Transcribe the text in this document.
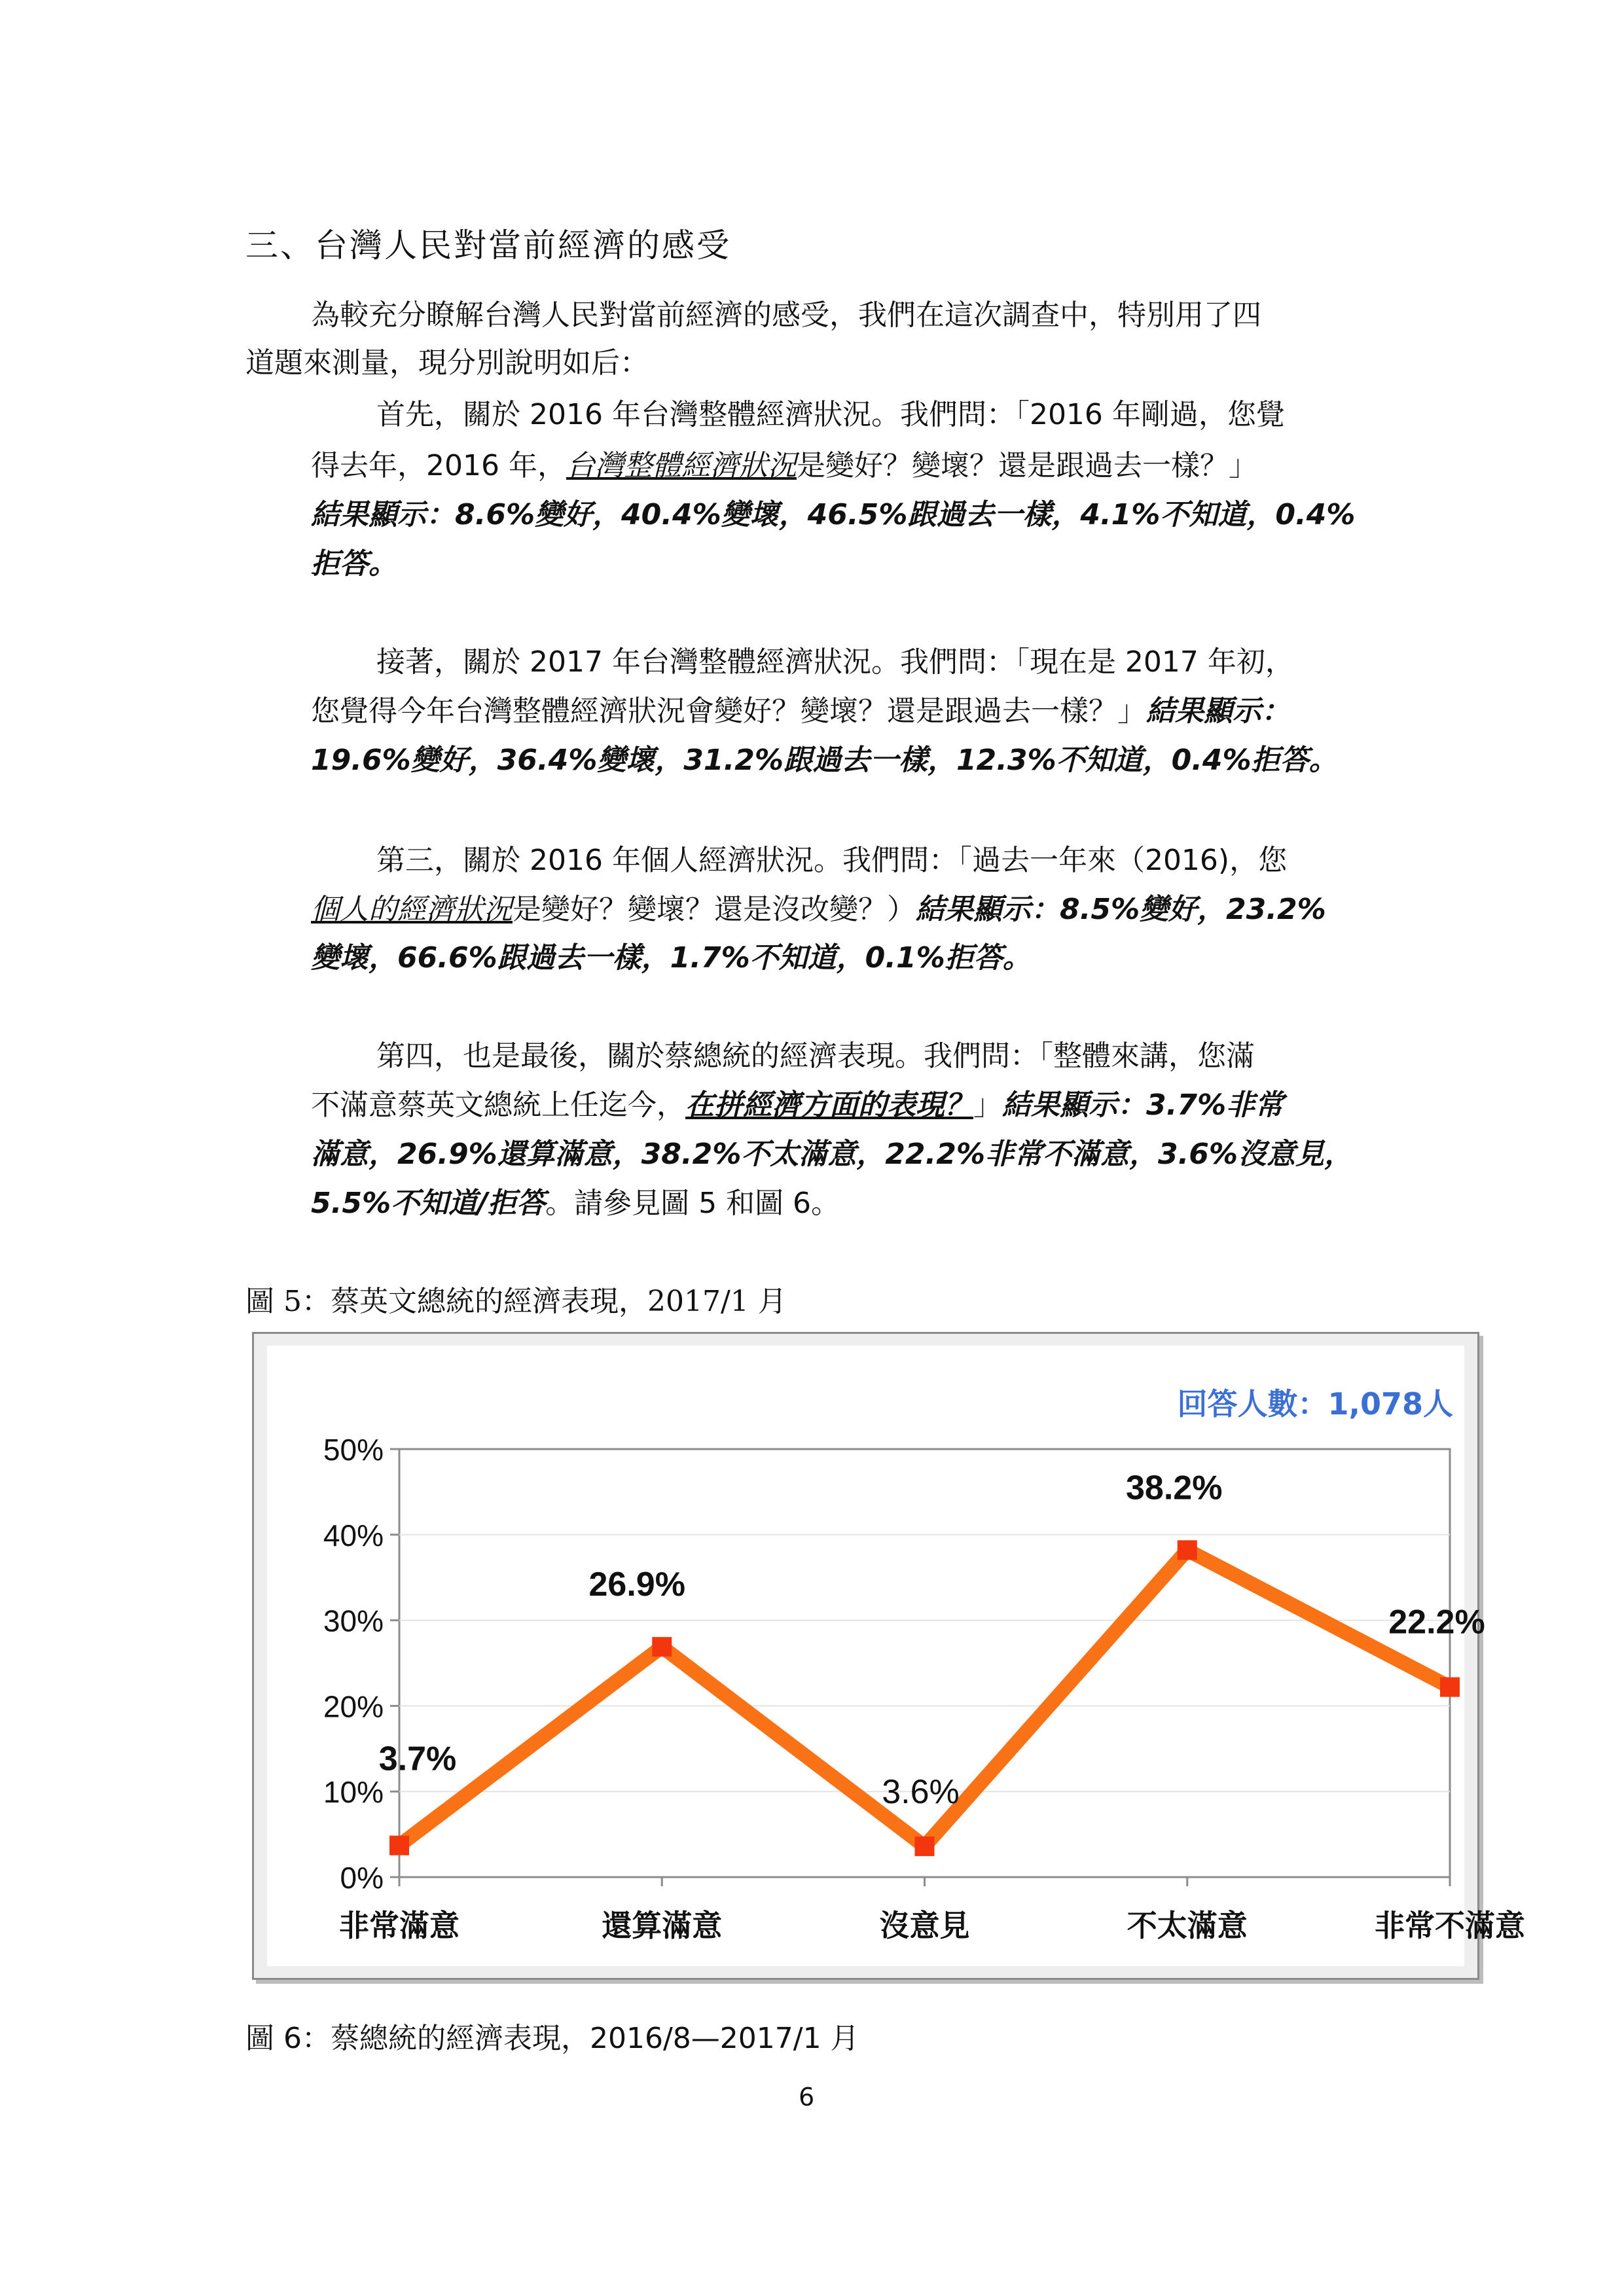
三、台灣人民對當前經濟的感受
為較充分瞭解台灣人民對當前經濟的感受，我們在這次調查中，特別用了四
道題來測量，現分別說明如后：
首先，關於 2016 年台灣整體經濟狀況。我們問：「2016 年剛過，您覺
得去年，2016 年，台灣整體經濟狀況是變好？變壞？還是跟過去一樣？」
結果顯示：8.6%變好，40.4%變壞，46.5%跟過去一樣，4.1%不知道，0.4%
拒答。
接著，關於 2017 年台灣整體經濟狀況。我們問：「現在是 2017 年初，
您覺得今年台灣整體經濟狀況會變好？變壞？還是跟過去一樣？」結果顯示：
19.6%變好，36.4%變壞，31.2%跟過去一樣，12.3%不知道，0.4%拒答。
第三，關於 2016 年個人經濟狀況。我們問：「過去一年來（2016)，您
個人的經濟狀況是變好？變壞？還是沒改變？）結果顯示：8.5%變好，23.2%
變壞，66.6%跟過去一樣，1.7%不知道，0.1%拒答。
第四，也是最後，關於蔡總統的經濟表現。我們問：「整體來講，您滿
不滿意蔡英文總統上任迄今，在拼經濟方面的表現？」結果顯示：3.7%非常
滿意，26.9%還算滿意，38.2%不太滿意，22.2%非常不滿意，3.6%沒意見，
5.5%不知道/拒答。請參見圖 5 和圖 6。
圖 5：蔡英文總統的經濟表現，2017/1 月
0%
10%
20%
30%
40%
50%
非常滿意	還算滿意	沒意見	不太滿意	非常不滿意
3.7%
26.9%
3.6%
38.2%
22.2%
回答人數：1,078人
圖 6：蔡總統的經濟表現，2016/8—2017/1 月
6
